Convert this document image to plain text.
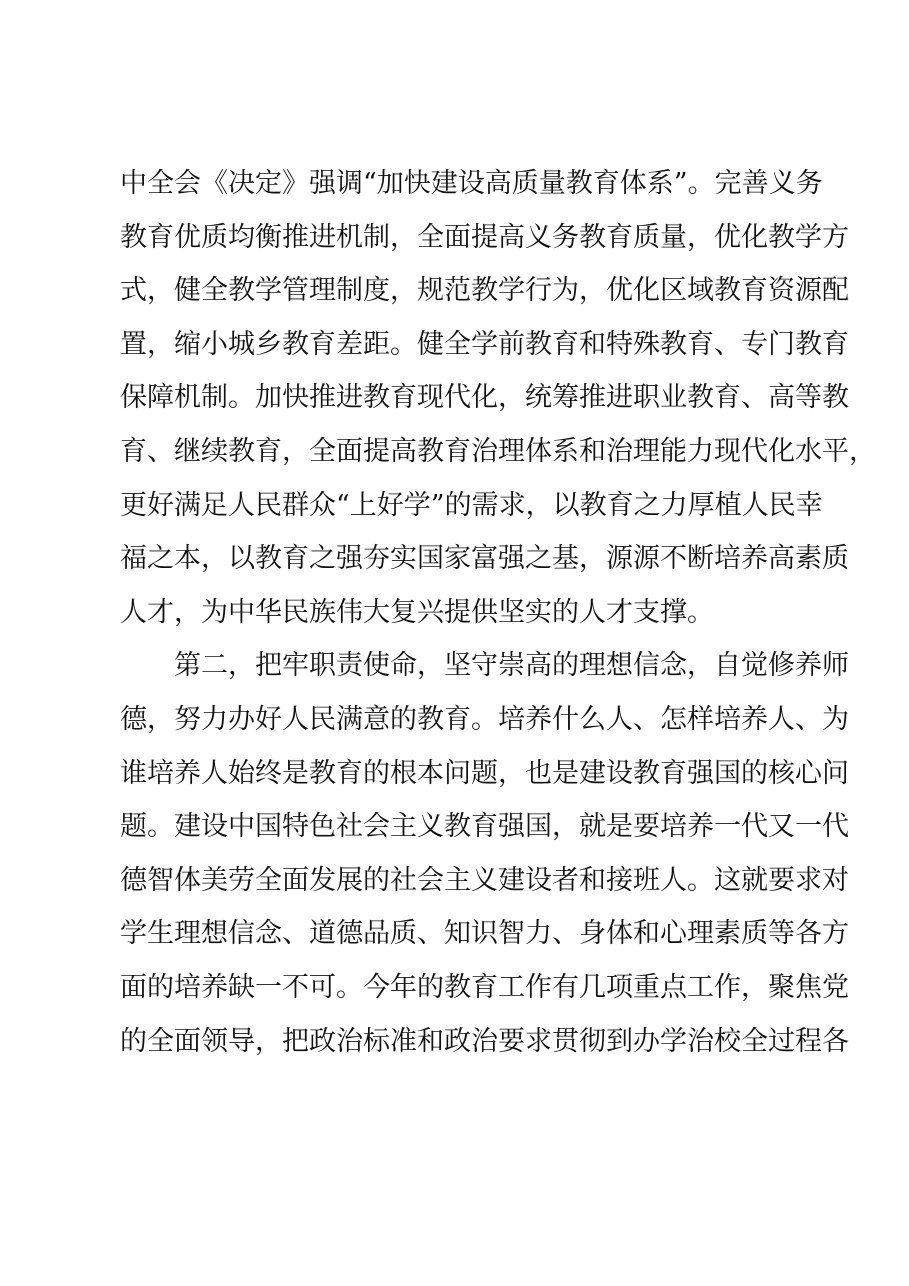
中全会《决定》强调“加快建设高质量教育体系”。完善义务
教育优质均衡推进机制，全面提高义务教育质量，优化教学方
式，健全教学管理制度，规范教学行为，优化区域教育资源配
置，缩小城乡教育差距。健全学前教育和特殊教育、专门教育
保障机制。加快推进教育现代化，统筹推进职业教育、高等教
育、继续教育，全面提高教育治理体系和治理能力现代化水平，
更好满足人民群众“上好学”的需求，以教育之力厚植人民幸
福之本，以教育之强夯实国家富强之基，源源不断培养高素质
人才，为中华民族伟大复兴提供坚实的人才支撑。
第二，把牢职责使命，坚守崇高的理想信念，自觉修养师
德，努力办好人民满意的教育。培养什么人、怎样培养人、为
谁培养人始终是教育的根本问题，也是建设教育强国的核心问
题。建设中国特色社会主义教育强国，就是要培养一代又一代
德智体美劳全面发展的社会主义建设者和接班人。这就要求对
学生理想信念、道德品质、知识智力、身体和心理素质等各方
面的培养缺一不可。今年的教育工作有几项重点工作，聚焦党
的全面领导，把政治标准和政治要求贯彻到办学治校全过程各
